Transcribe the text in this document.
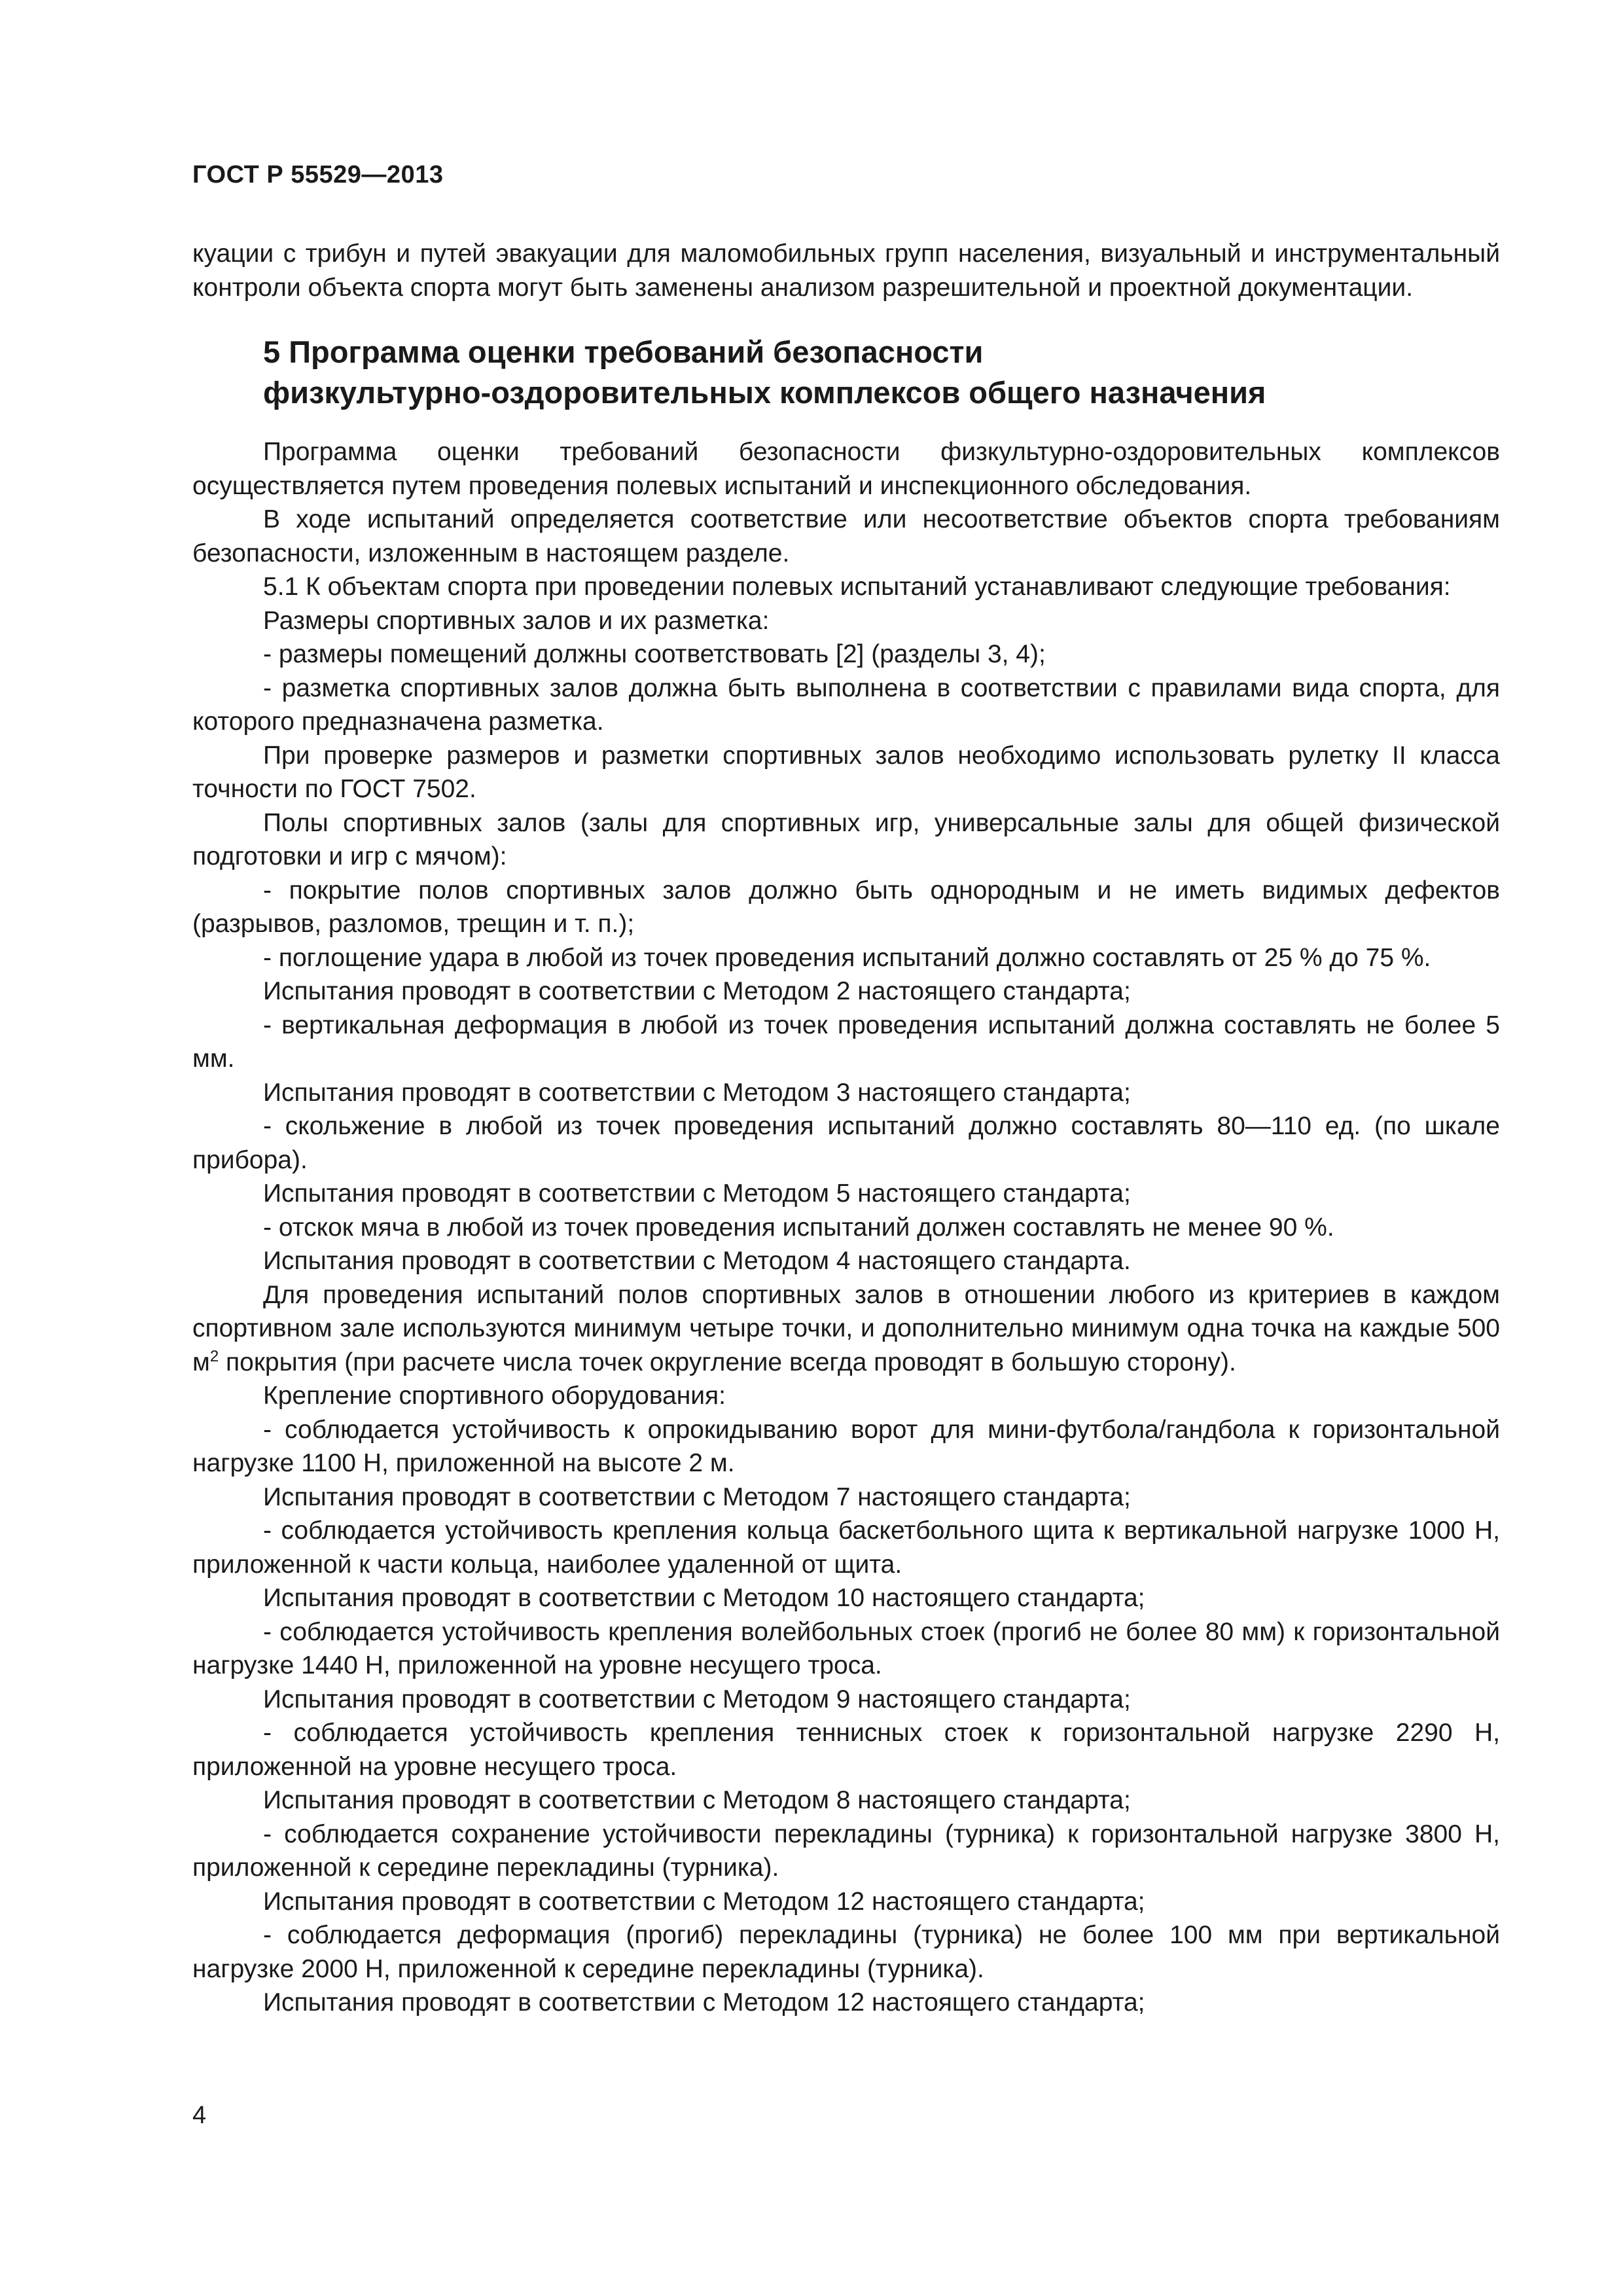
ГОСТ Р 55529—2013

куации с трибун и путей эвакуации для маломобильных групп населения, визуальный и инструментальный контроли объекта спорта могут быть заменены анализом разрешительной и проектной документации.

5 Программа оценки требований безопасности
физкультурно-оздоровительных комплексов общего назначения

Программа оценки требований безопасности физкультурно-оздоровительных комплексов осуществляется путем проведения полевых испытаний и инспекционного обследования.

В ходе испытаний определяется соответствие или несоответствие объектов спорта требованиям безопасности, изложенным в настоящем разделе.

5.1 К объектам спорта при проведении полевых испытаний устанавливают следующие требования:

Размеры спортивных залов и их разметка:

- размеры помещений должны соответствовать [2] (разделы 3, 4);

- разметка спортивных залов должна быть выполнена в соответствии с правилами вида спорта, для которого предназначена разметка.

При проверке размеров и разметки спортивных залов необходимо использовать рулетку II класса точности по ГОСТ 7502.

Полы спортивных залов (залы для спортивных игр, универсальные залы для общей физической подготовки и игр с мячом):

- покрытие полов спортивных залов должно быть однородным и не иметь видимых дефектов (разрывов, разломов, трещин и т. п.);

- поглощение удара в любой из точек проведения испытаний должно составлять от 25 % до 75 %.

Испытания проводят в соответствии с Методом 2 настоящего стандарта;

- вертикальная деформация в любой из точек проведения испытаний должна составлять не более 5 мм.

Испытания проводят в соответствии с Методом 3 настоящего стандарта;

- скольжение в любой из точек проведения испытаний должно составлять 80—110 ед. (по шкале прибора).

Испытания проводят в соответствии с Методом 5 настоящего стандарта;

- отскок мяча в любой из точек проведения испытаний должен составлять не менее 90 %.

Испытания проводят в соответствии с Методом 4 настоящего стандарта.

Для проведения испытаний полов спортивных залов в отношении любого из критериев в каждом спортивном зале используются минимум четыре точки, и дополнительно минимум одна точка на каждые 500 $м^2$ покрытия (при расчете числа точек округление всегда проводят в большую сторону).

Крепление спортивного оборудования:

- соблюдается устойчивость к опрокидыванию ворот для мини-футбола/гандбола к горизонтальной нагрузке 1100 Н, приложенной на высоте 2 м.

Испытания проводят в соответствии с Методом 7 настоящего стандарта;

- соблюдается устойчивость крепления кольца баскетбольного щита к вертикальной нагрузке 1000 Н, приложенной к части кольца, наиболее удаленной от щита.

Испытания проводят в соответствии с Методом 10 настоящего стандарта;

- соблюдается устойчивость крепления волейбольных стоек (прогиб не более 80 мм) к горизонтальной нагрузке 1440 Н, приложенной на уровне несущего троса.

Испытания проводят в соответствии с Методом 9 настоящего стандарта;

- соблюдается устойчивость крепления теннисных стоек к горизонтальной нагрузке 2290 Н, приложенной на уровне несущего троса.

Испытания проводят в соответствии с Методом 8 настоящего стандарта;

- соблюдается сохранение устойчивости перекладины (турника) к горизонтальной нагрузке 3800 Н, приложенной к середине перекладины (турника).

Испытания проводят в соответствии с Методом 12 настоящего стандарта;

- соблюдается деформация (прогиб) перекладины (турника) не более 100 мм при вертикальной нагрузке 2000 Н, приложенной к середине перекладины (турника).

Испытания проводят в соответствии с Методом 12 настоящего стандарта;

4
